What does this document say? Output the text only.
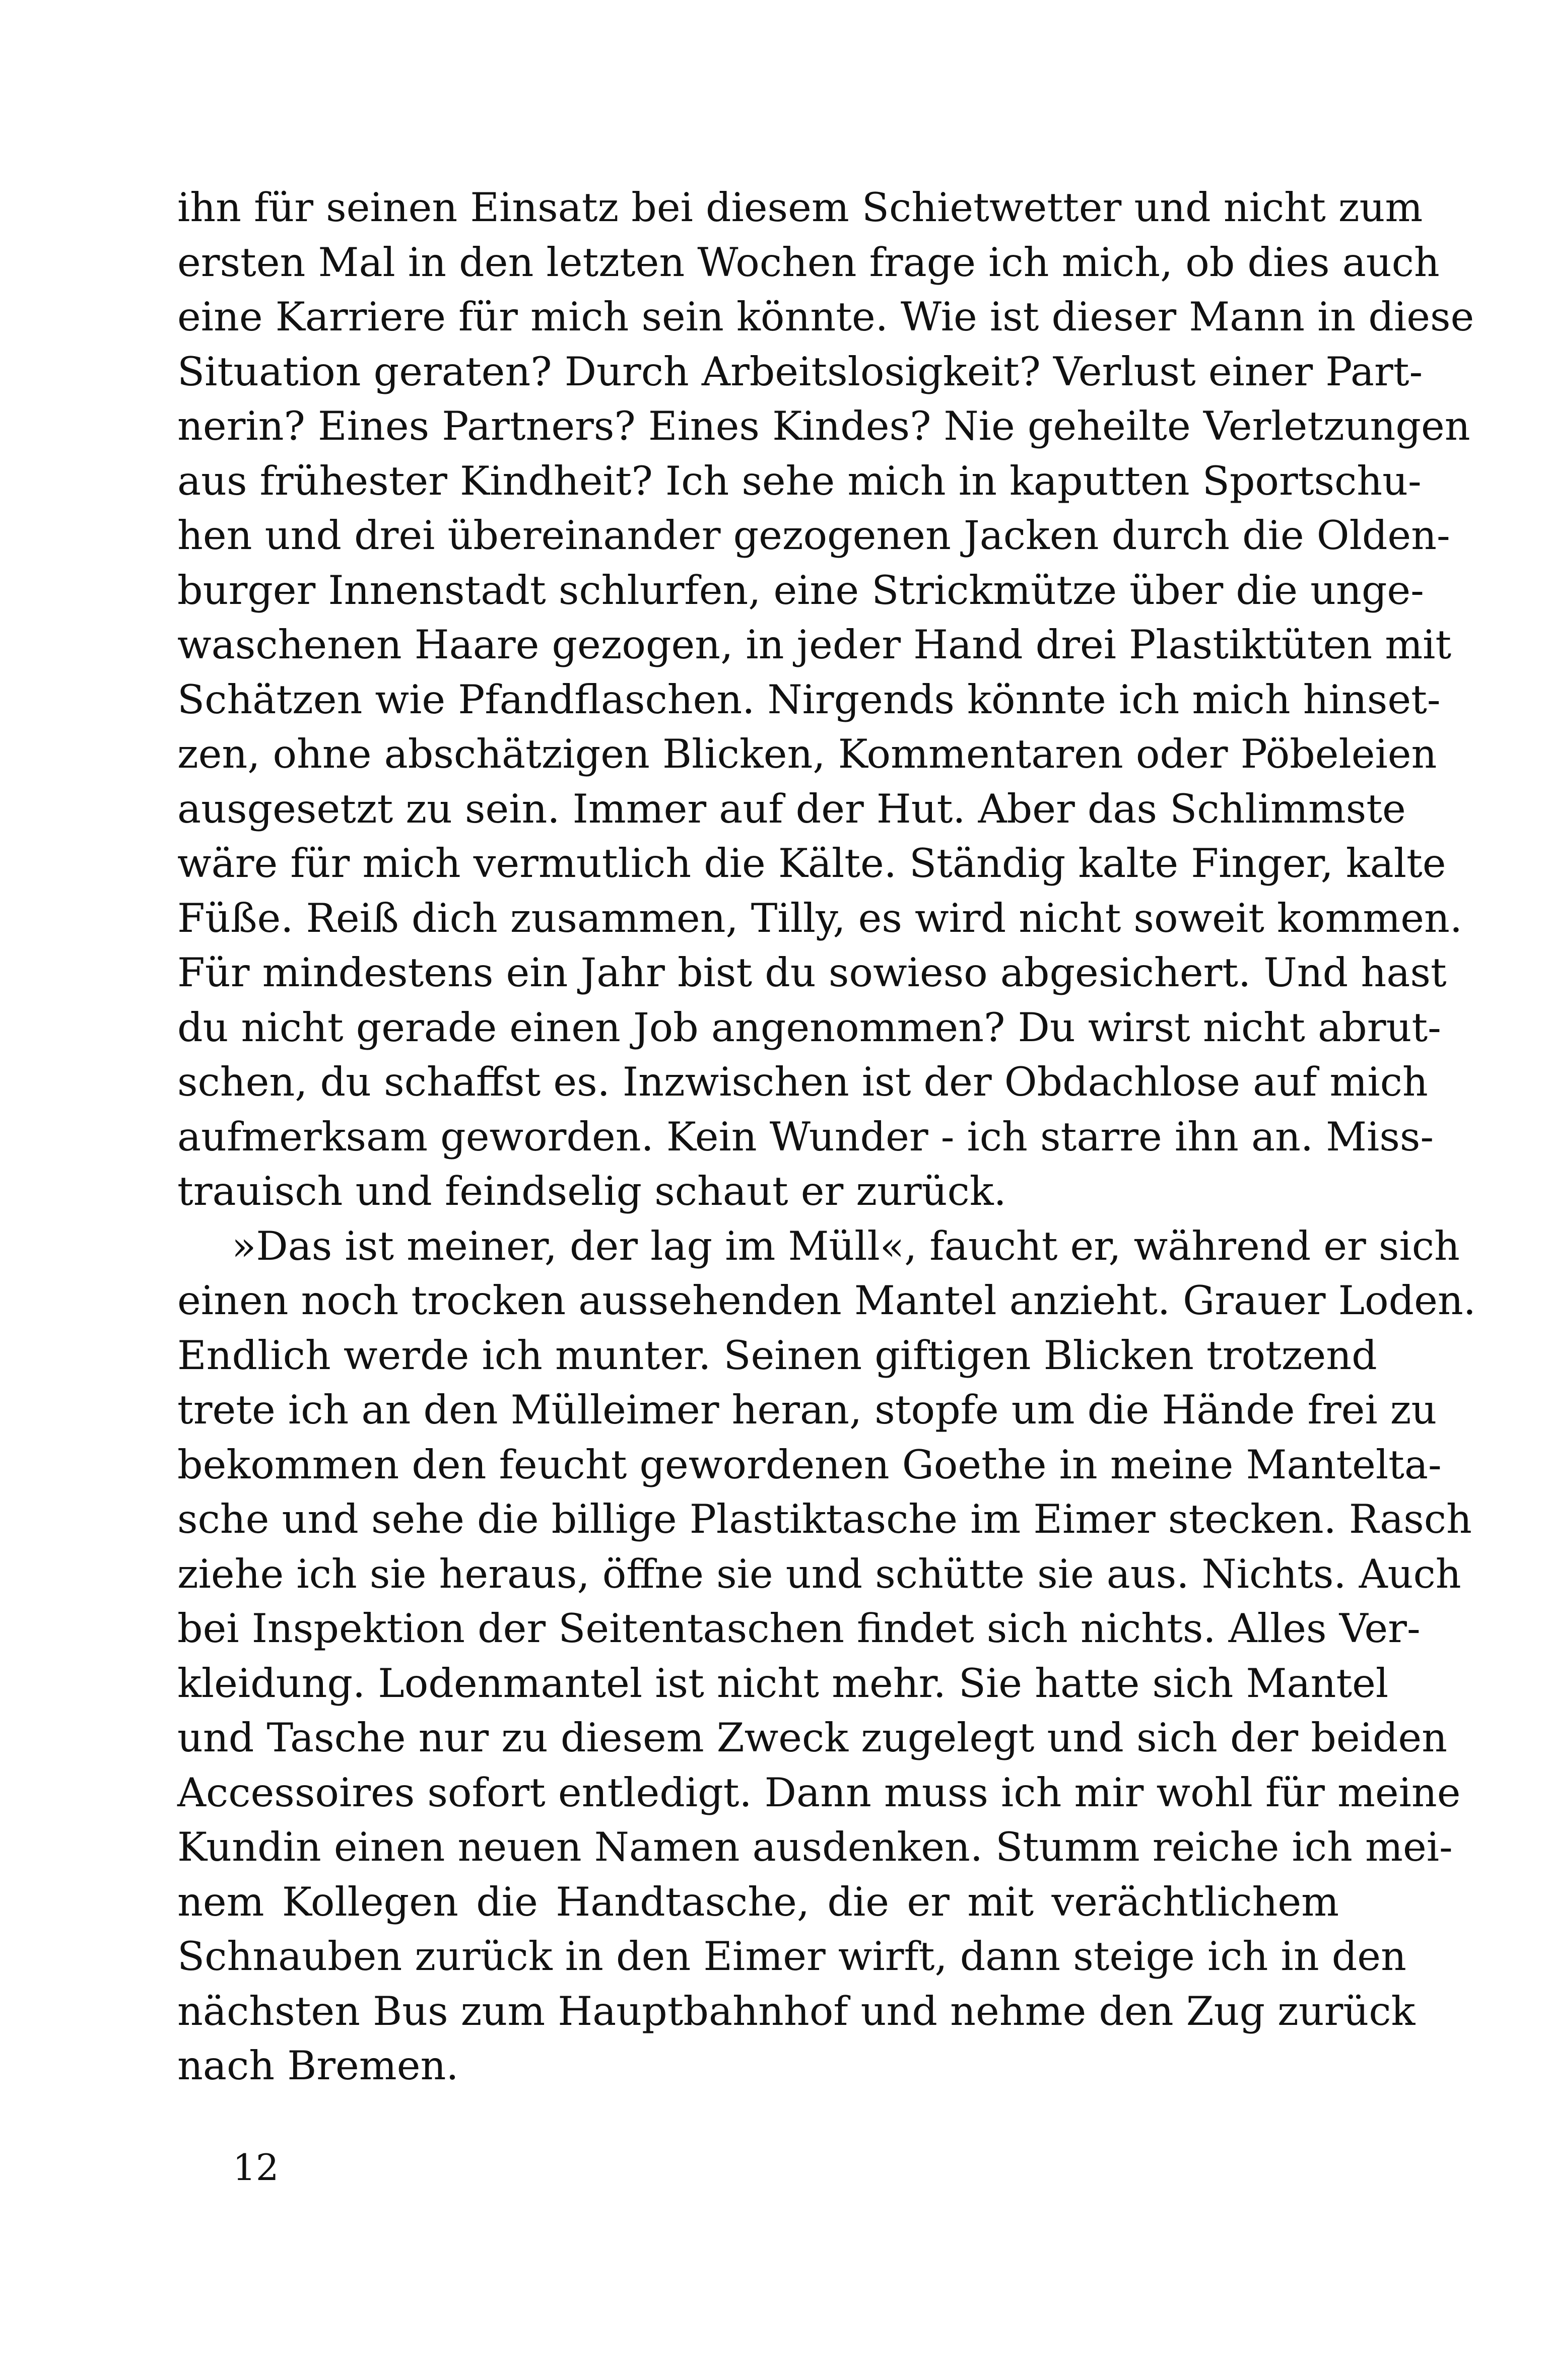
ihn für seinen Einsatz bei diesem Schietwetter und nicht zum
ersten Mal in den letzten Wochen frage ich mich, ob dies auch
eine Karriere für mich sein könnte. Wie ist dieser Mann in diese
Situation geraten? Durch Arbeitslosigkeit? Verlust einer Part-
nerin? Eines Partners? Eines Kindes? Nie geheilte Verletzungen
aus frühester Kindheit? Ich sehe mich in kaputten Sportschu-
hen und drei übereinander gezogenen Jacken durch die Olden-
burger Innenstadt schlurfen, eine Strickmütze über die unge-
waschenen Haare gezogen, in jeder Hand drei Plastiktüten mit
Schätzen wie Pfandflaschen. Nirgends könnte ich mich hinset-
zen, ohne abschätzigen Blicken, Kommentaren oder Pöbeleien
ausgesetzt zu sein. Immer auf der Hut. Aber das Schlimmste
wäre für mich vermutlich die Kälte. Ständig kalte Finger, kalte
Füße. Reiß dich zusammen, Tilly, es wird nicht soweit kommen.
Für mindestens ein Jahr bist du sowieso abgesichert. Und hast
du nicht gerade einen Job angenommen? Du wirst nicht abrut-
schen, du schaffst es. Inzwischen ist der Obdachlose auf mich
aufmerksam geworden. Kein Wunder - ich starre ihn an. Miss-
trauisch und feindselig schaut er zurück.
»Das ist meiner, der lag im Müll«, faucht er, während er sich
einen noch trocken aussehenden Mantel anzieht. Grauer Loden.
Endlich werde ich munter. Seinen giftigen Blicken trotzend
trete ich an den Mülleimer heran, stopfe um die Hände frei zu
bekommen den feucht gewordenen Goethe in meine Manteltа-
sche und sehe die billige Plastiktasche im Eimer stecken. Rasch
ziehe ich sie heraus, öffne sie und schütte sie aus. Nichts. Auch
bei Inspektion der Seitentaschen findet sich nichts. Alles Ver-
kleidung. Lodenmantel ist nicht mehr. Sie hatte sich Mantel
und Tasche nur zu diesem Zweck zugelegt und sich der beiden
Accessoires sofort entledigt. Dann muss ich mir wohl für meine
Kundin einen neuen Namen ausdenken. Stumm reiche ich mei-
nem Kollegen die Handtasche, die er mit verächtlichem
Schnauben zurück in den Eimer wirft, dann steige ich in den
nächsten Bus zum Hauptbahnhof und nehme den Zug zurück
nach Bremen.

12
